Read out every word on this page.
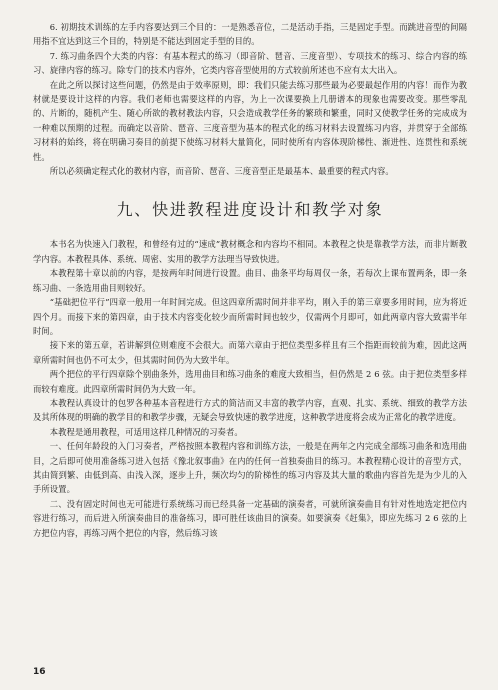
6. 初期技术训练的左手内容要达到三个目的：一是熟悉音位，二是活动手指，三是固定手型。而跳进音型的间隔用指不宜达到这三个目的，特别是不能达到固定手型的目的。

7. 练习曲条四个大类的内容：有基本程式的练习（即音阶、琶音、三度音型）、专项技术的练习、综合内容的练习、旋律内容的练习。除专门的技术内容外，它类内容音型使用的方式较前所述也不应有太大出入。

在此之所以探讨这些问题，仍然是由于效率原则，即：我们只能去练习那些最为必要最起作用的内容！而作为教材就是要设计这样的内容。我们老师也需要这样的内容，为上一次课要换上几册谱本的现象也需要改变。那些零乱的、片断的，随机产生、随心所欲的教材教法内容，只会造成教学任务的繁琐和繁重，同时又使教学任务的完成成为一种难以预期的过程。而确定以音阶、琶音、三度音型为基本的程式化的练习材料去设置练习内容，并贯穿于全部练习材料的始终，将在明确习奏目的前提下使练习材料大量简化，同时使所有内容体现阶梯性、渐进性、连贯性和系统性。

所以必须确定程式化的教材内容，而音阶、琶音、三度音型正是最基本、最重要的程式内容。

九、快进教程进度设计和教学对象

本书名为快速入门教程，和曾经有过的“速成”教材概念和内容均不相同。本教程之快是靠教学方法，而非片断教学内容。本教程具体、系统、周密、实用的教学方法理当导致快进。

本教程第十章以前的内容，是按两年时间进行设置。曲目、曲条平均每周仅一条，若每次上课布置两条，即一条练习曲、一条选用曲目则较好。

“基础把位平行”四章一般用一年时间完成。但这四章所需时间并非平均，刚入手的第三章要多用时间，应为将近四个月。而接下来的第四章，由于技术内容变化较少而所需时间也较少，仅需两个月即可，如此两章内容大致需半年时间。

接下来的第五章，若讲解到位则难度不会很大。而第六章由于把位类型多样且有三个指距而较前为难，因此这两章所需时间也仍不可太少，但其需时间仍为大致半年。

两个把位的平行四章除个别曲条外，选用曲目和练习曲条的难度大致相当，但仍然是 2 6 弦。由于把位类型多样而较有难度。此四章所需时间仍为大致一年。

本教程认真设计的包罗各种基本音程进行方式的简洁而又丰富的教学内容，直观、扎实、系统、细致的教学方法及其所体现的明确的教学目的和教学步骤，无疑会导致快速的教学进度，这种教学进度将会成为正常化的教学进度。

本教程是通用教程，可适用这样几种情况的习奏者。

一、任何年龄段的入门习奏者，严格按照本教程内容和训练方法，一般是在两年之内完成全部练习曲条和选用曲目，之后即可使用准备练习进入包括《豫北叙事曲》在内的任何一首独奏曲目的练习。本教程精心设计的音型方式，其由简到繁、由低到高、由浅入深，逐步上升，频次均匀的阶梯性的练习内容及其大量的歌曲内容首先是为少儿的入手所设置。

二、没有固定时间也无可能进行系统练习而已经具备一定基础的演奏者，可就所演奏曲目有针对性地选定把位内容进行练习，而后进入所演奏曲目的准备练习，即可胜任该曲目的演奏。如要演奏《赶集》，即应先练习 2 6 弦的上方把位内容，再练习两个把位的内容，然后练习该

16
